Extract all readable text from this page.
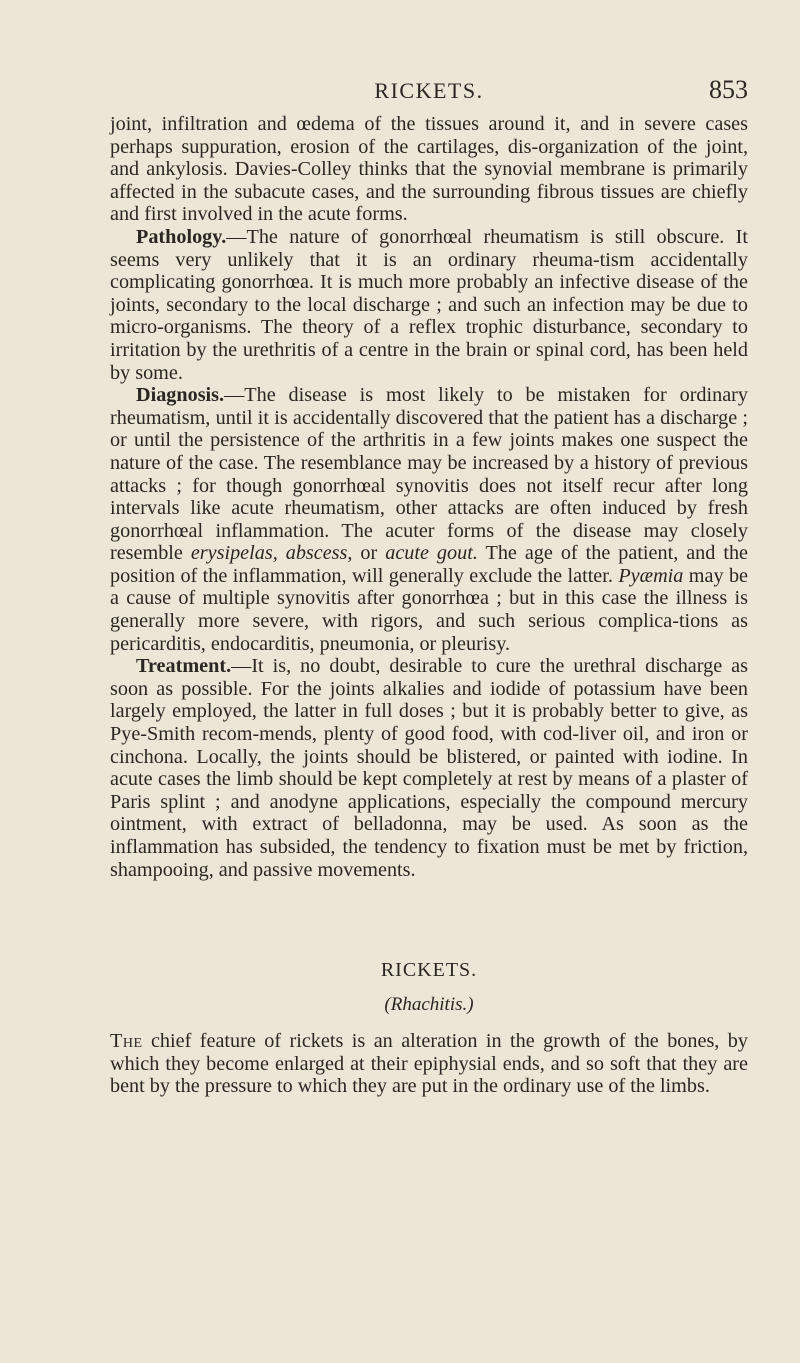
RICKETS.	853

joint, infiltration and œdema of the tissues around it, and in severe cases perhaps suppuration, erosion of the cartilages, dis-organization of the joint, and ankylosis. Davies-Colley thinks that the synovial membrane is primarily affected in the subacute cases, and the surrounding fibrous tissues are chiefly and first involved in the acute forms.

Pathology.—The nature of gonorrhœal rheumatism is still obscure. It seems very unlikely that it is an ordinary rheuma-tism accidentally complicating gonorrhœa. It is much more probably an infective disease of the joints, secondary to the local discharge ; and such an infection may be due to micro-organisms. The theory of a reflex trophic disturbance, secondary to irritation by the urethritis of a centre in the brain or spinal cord, has been held by some.

Diagnosis.—The disease is most likely to be mistaken for ordinary rheumatism, until it is accidentally discovered that the patient has a discharge ; or until the persistence of the arthritis in a few joints makes one suspect the nature of the case. The resemblance may be increased by a history of previous attacks ; for though gonorrhœal synovitis does not itself recur after long intervals like acute rheumatism, other attacks are often induced by fresh gonorrhœal inflammation. The acuter forms of the disease may closely resemble erysipelas, abscess, or acute gout. The age of the patient, and the position of the inflammation, will generally exclude the latter. Pyæmia may be a cause of multiple synovitis after gonorrhœa ; but in this case the illness is generally more severe, with rigors, and such serious complica-tions as pericarditis, endocarditis, pneumonia, or pleurisy.

Treatment.—It is, no doubt, desirable to cure the urethral discharge as soon as possible. For the joints alkalies and iodide of potassium have been largely employed, the latter in full doses ; but it is probably better to give, as Pye-Smith recom-mends, plenty of good food, with cod-liver oil, and iron or cinchona. Locally, the joints should be blistered, or painted with iodine. In acute cases the limb should be kept completely at rest by means of a plaster of Paris splint ; and anodyne applications, especially the compound mercury ointment, with extract of belladonna, may be used. As soon as the inflammation has subsided, the tendency to fixation must be met by friction, shampooing, and passive movements.

RICKETS.
(Rhachitis.)

The chief feature of rickets is an alteration in the growth of the bones, by which they become enlarged at their epiphysial ends, and so soft that they are bent by the pressure to which they are put in the ordinary use of the limbs.
